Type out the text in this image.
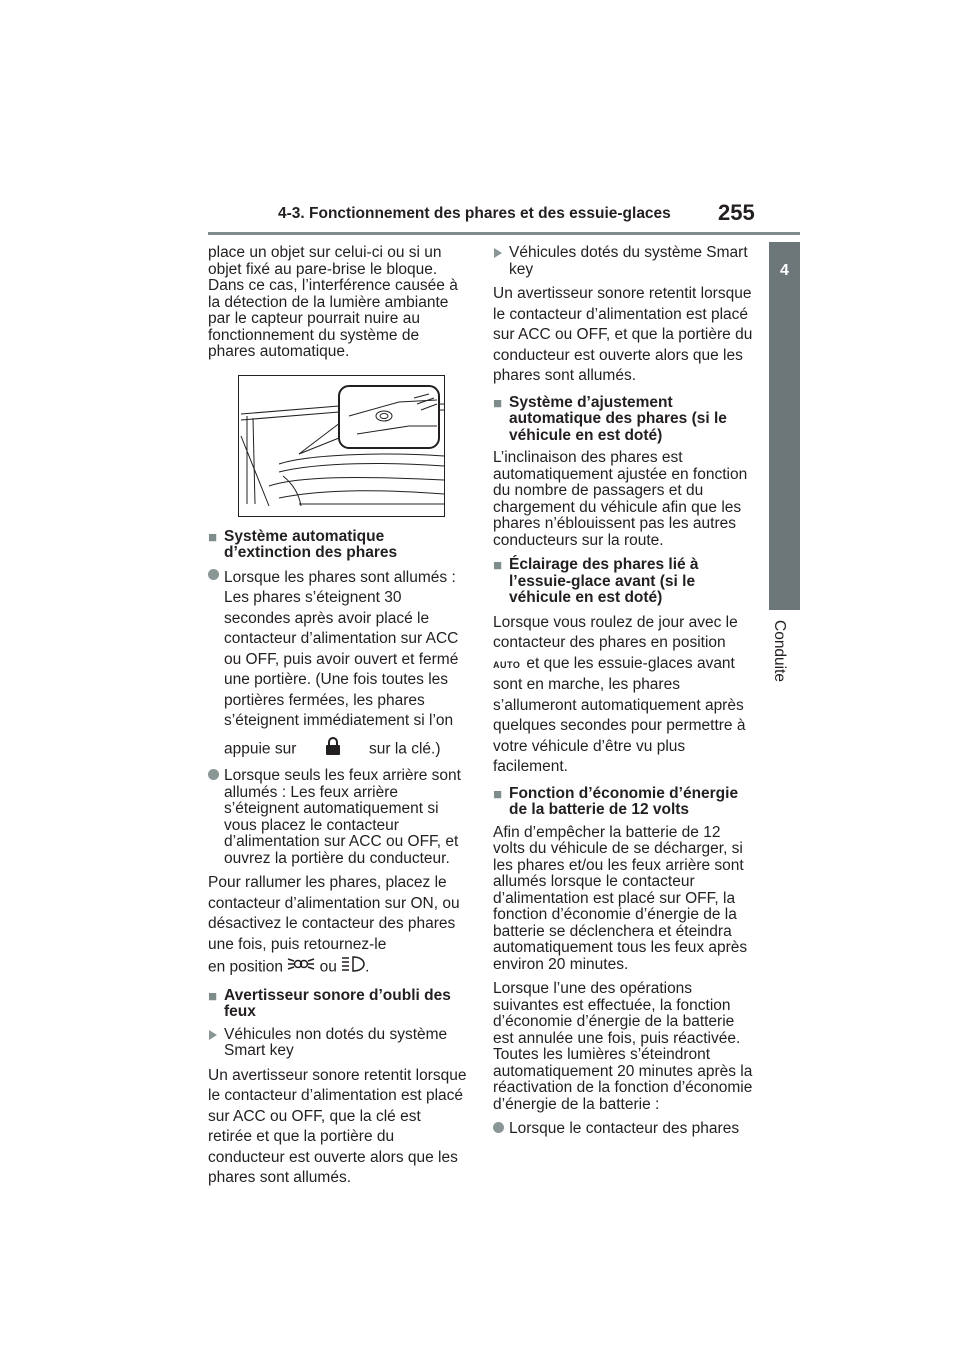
4-3. Fonctionnement des phares et des essuie-glaces 255
4
Conduite

place un objet sur celui-ci ou si un objet fixé au pare-brise le bloque. Dans ce cas, l’interférence causée à la détection de la lumière ambiante par le capteur pourrait nuire au fonctionnement du système de phares automatique.

■ Système automatique d’extinction des phares

Lorsque les phares sont allumés : Les phares s’éteignent 30 secondes après avoir placé le contacteur d’alimentation sur ACC ou OFF, puis avoir ouvert et fermé une portière. (Une fois toutes les portières fermées, les phares s’éteignent immédiatement si l’on

appuie sur	sur la clé.)

Lorsque seuls les feux arrière sont allumés : Les feux arrière s’éteignent automatiquement si vous placez le contacteur d’alimentation sur ACC ou OFF, et ouvrez la portière du conducteur.

Pour rallumer les phares, placez le contacteur d’alimentation sur ON, ou désactivez le contacteur des phares une fois, puis retournez-le

en position ou .

■ Avertisseur sonore d’oubli des feux
Véhicules non dotés du système Smart key

Un avertisseur sonore retentit lorsque le contacteur d’alimentation est placé sur ACC ou OFF, que la clé est retirée et que la portière du conducteur est ouverte alors que les phares sont allumés.

Véhicules dotés du système Smart key

Un avertisseur sonore retentit lorsque le contacteur d’alimentation est placé sur ACC ou OFF, et que la portière du conducteur est ouverte alors que les phares sont allumés.

■ Système d’ajustement automatique des phares (si le véhicule en est doté)

L’inclinaison des phares est automatiquement ajustée en fonction du nombre de passagers et du chargement du véhicule afin que les phares n’éblouissent pas les autres conducteurs sur la route.

■ Éclairage des phares lié à l’essuie-glace avant (si le véhicule en est doté)

Lorsque vous roulez de jour avec le contacteur des phares en position
AUTO et que les essuie-glaces avant sont en marche, les phares s’allumeront automatiquement après quelques secondes pour permettre à votre véhicule d’être vu plus facilement.

■ Fonction d’économie d’énergie de la batterie de 12 volts

Afin d’empêcher la batterie de 12 volts du véhicule de se décharger, si les phares et/ou les feux arrière sont allumés lorsque le contacteur d’alimentation est placé sur OFF, la fonction d’économie d’énergie de la batterie se déclenchera et éteindra automatiquement tous les feux après environ 20 minutes.

Lorsque l’une des opérations suivantes est effectuée, la fonction d’économie d’énergie de la batterie est annulée une fois, puis réactivée. Toutes les lumières s’éteindront automatiquement 20 minutes après la réactivation de la fonction d’économie d’énergie de la batterie :

Lorsque le contacteur des phares
